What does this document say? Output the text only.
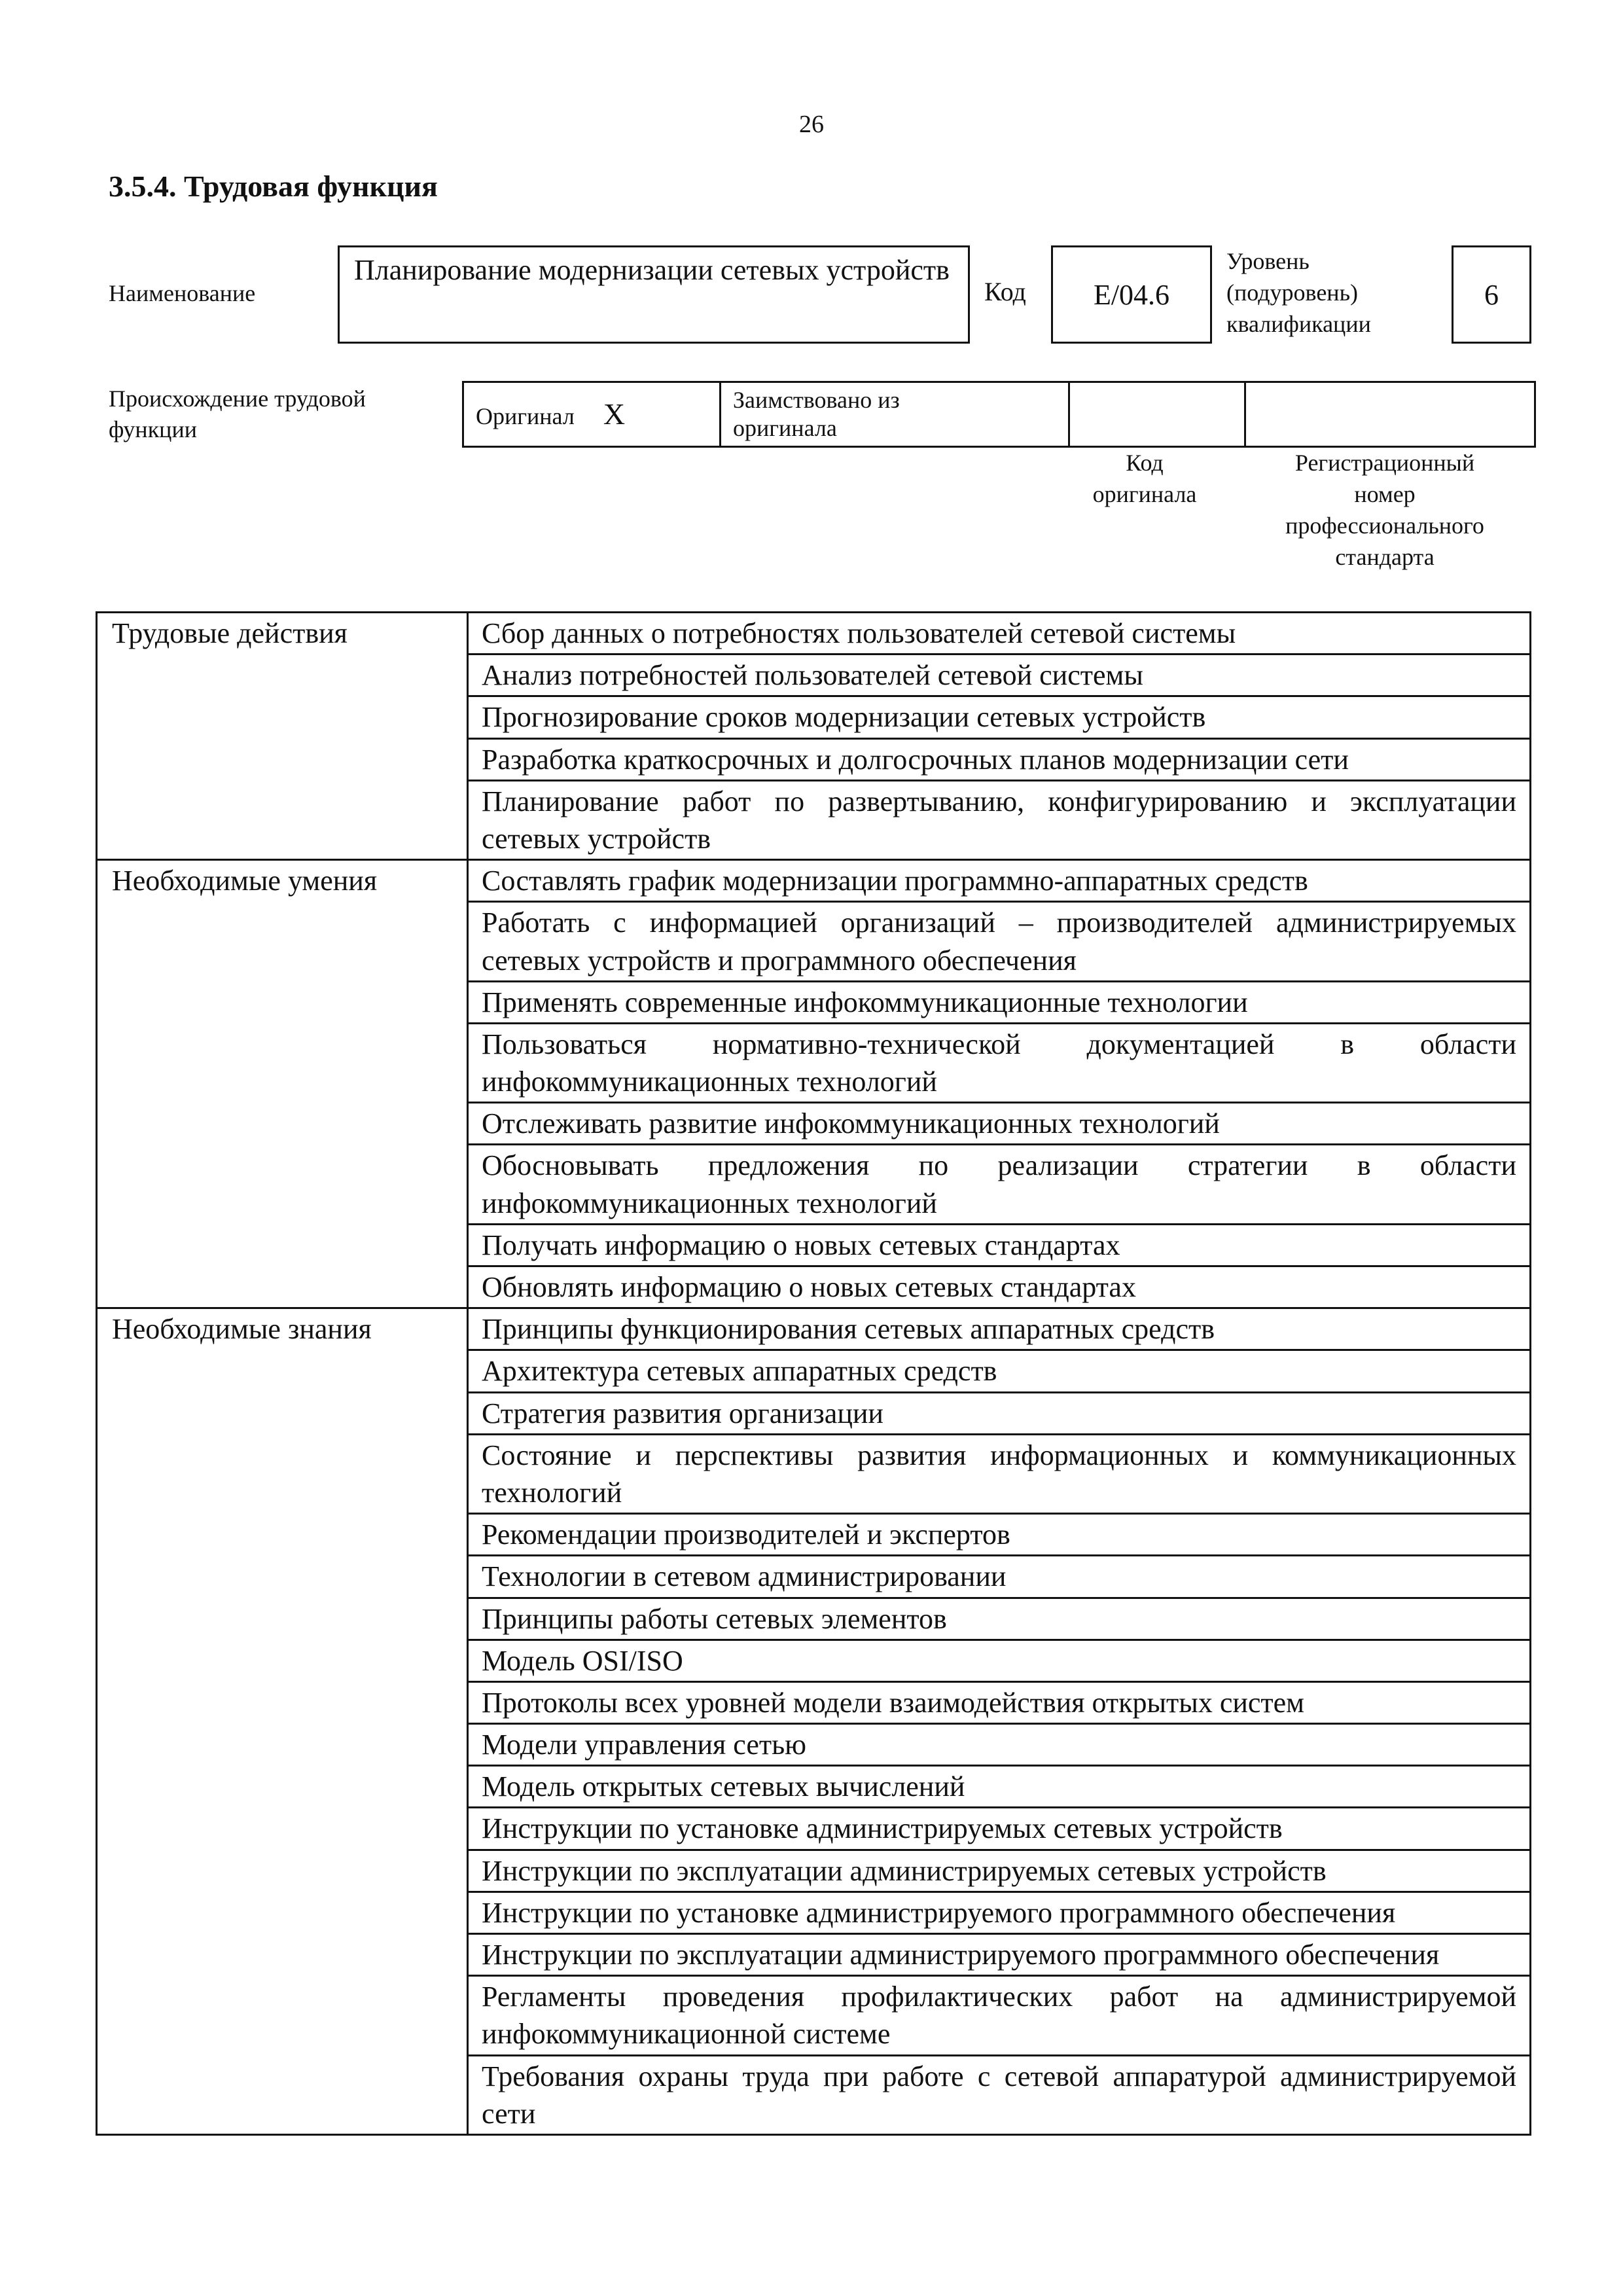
26
3.5.4. Трудовая функция
Наименование
Планирование модернизации сетевых устройств
Код	E/04.6
Уровень
(подуровень)
квалификации
6
Происхождение трудовой
функции	Оригинал X	Заимствовано из
оригинала

Код
оригинала
Регистрационный
номер
профессионального
стандарта
Трудовые действия	Сбор данных о потребностях пользователей сетевой системы
	Анализ потребностей пользователей сетевой системы
	Прогнозирование сроков модернизации сетевых устройств
	Разработка краткосрочных и долгосрочных планов модернизации сети
	Планирование работ по развертыванию, конфигурированию и эксплуатации сетевых устройств
Необходимые умения	Составлять график модернизации программно-аппаратных средств
	Работать с информацией организаций – производителей администрируемых сетевых устройств и программного обеспечения
	Применять современные инфокоммуникационные технологии
	Пользоваться нормативно-технической документацией в области инфокоммуникационных технологий
	Отслеживать развитие инфокоммуникационных технологий
	Обосновывать предложения по реализации стратегии в области инфокоммуникационных технологий
	Получать информацию о новых сетевых стандартах
	Обновлять информацию о новых сетевых стандартах
Необходимые знания	Принципы функционирования сетевых аппаратных средств
	Архитектура сетевых аппаратных средств
	Стратегия развития организации
	Состояние и перспективы развития информационных и коммуникационных технологий
	Рекомендации производителей и экспертов
	Технологии в сетевом администрировании
	Принципы работы сетевых элементов
	Модель OSI/ISO
	Протоколы всех уровней модели взаимодействия открытых систем
	Модели управления сетью
	Модель открытых сетевых вычислений
	Инструкции по установке администрируемых сетевых устройств
	Инструкции по эксплуатации администрируемых сетевых устройств
	Инструкции по установке администрируемого программного обеспечения
	Инструкции по эксплуатации администрируемого программного обеспечения
	Регламенты проведения профилактических работ на администрируемой инфокоммуникационной системе
	Требования охраны труда при работе с сетевой аппаратурой администрируемой сети
